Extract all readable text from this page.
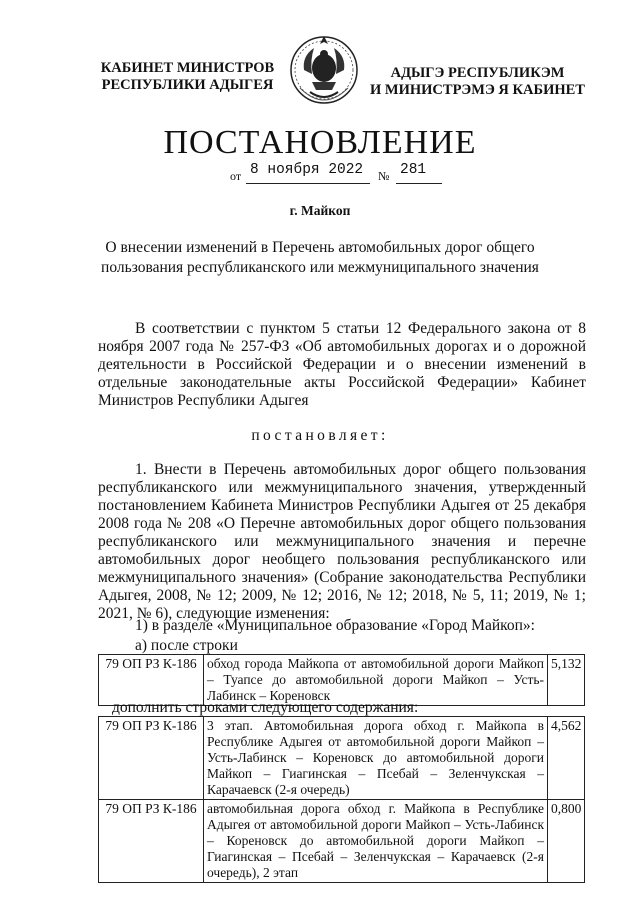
КАБИНЕТ МИНИСТРОВ
РЕСПУБЛИКИ АДЫГЕЯ
АДЫГЭ РЕСПУБЛИКЭМ
И МИНИСТРЭМЭ Я КАБИНЕТ
ПОСТАНОВЛЕНИЕ
от 8 ноября 2022 № 281
г. Майкоп
О внесении изменений в Перечень автомобильных дорог общего пользования республиканского или межмуниципального значения
В соответствии с пунктом 5 статьи 12 Федерального закона от 8 ноября 2007 года № 257-ФЗ «Об автомобильных дорогах и о дорожной деятельности в Российской Федерации и о внесении изменений в отдельные законодательные акты Российской Федерации» Кабинет Министров Республики Адыгея
постановляет:
1. Внести в Перечень автомобильных дорог общего пользования республиканского или межмуниципального значения, утвержденный постановлением Кабинета Министров Республики Адыгея от 25 декабря 2008 года № 208 «О Перечне автомобильных дорог общего пользования республиканского или межмуниципального значения и перечне автомобильных дорог необщего пользования республиканского или межмуниципального значения» (Собрание законодательства Республики Адыгея, 2008, № 12; 2009, № 12; 2016, № 12; 2018, № 5, 11; 2019, № 1; 2021, № 6), следующие изменения:
1) в разделе «Муниципальное образование «Город Майкоп»:
а) после строки
79 ОП РЗ К-186	обход города Майкопа от автомобильной дороги Майкоп – Туапсе до автомобильной дороги Майкоп – Усть-Лабинск – Кореновск	5,132
дополнить строками следующего содержания:
79 ОП РЗ К-186	3 этап. Автомобильная дорога обход г. Майкопа в Республике Адыгея от автомобильной дороги Майкоп – Усть-Лабинск – Кореновск до автомобильной дороги Майкоп – Гиагинская – Псебай – Зеленчукская – Карачаевск (2-я очередь)	4,562
79 ОП РЗ К-186	автомобильная дорога обход г. Майкопа в Республике Адыгея от автомобильной дороги Майкоп – Усть-Лабинск – Кореновск до автомобильной дороги Майкоп – Гиагинская – Псебай – Зеленчукская – Карачаевск (2-я очередь), 2 этап	0,800
